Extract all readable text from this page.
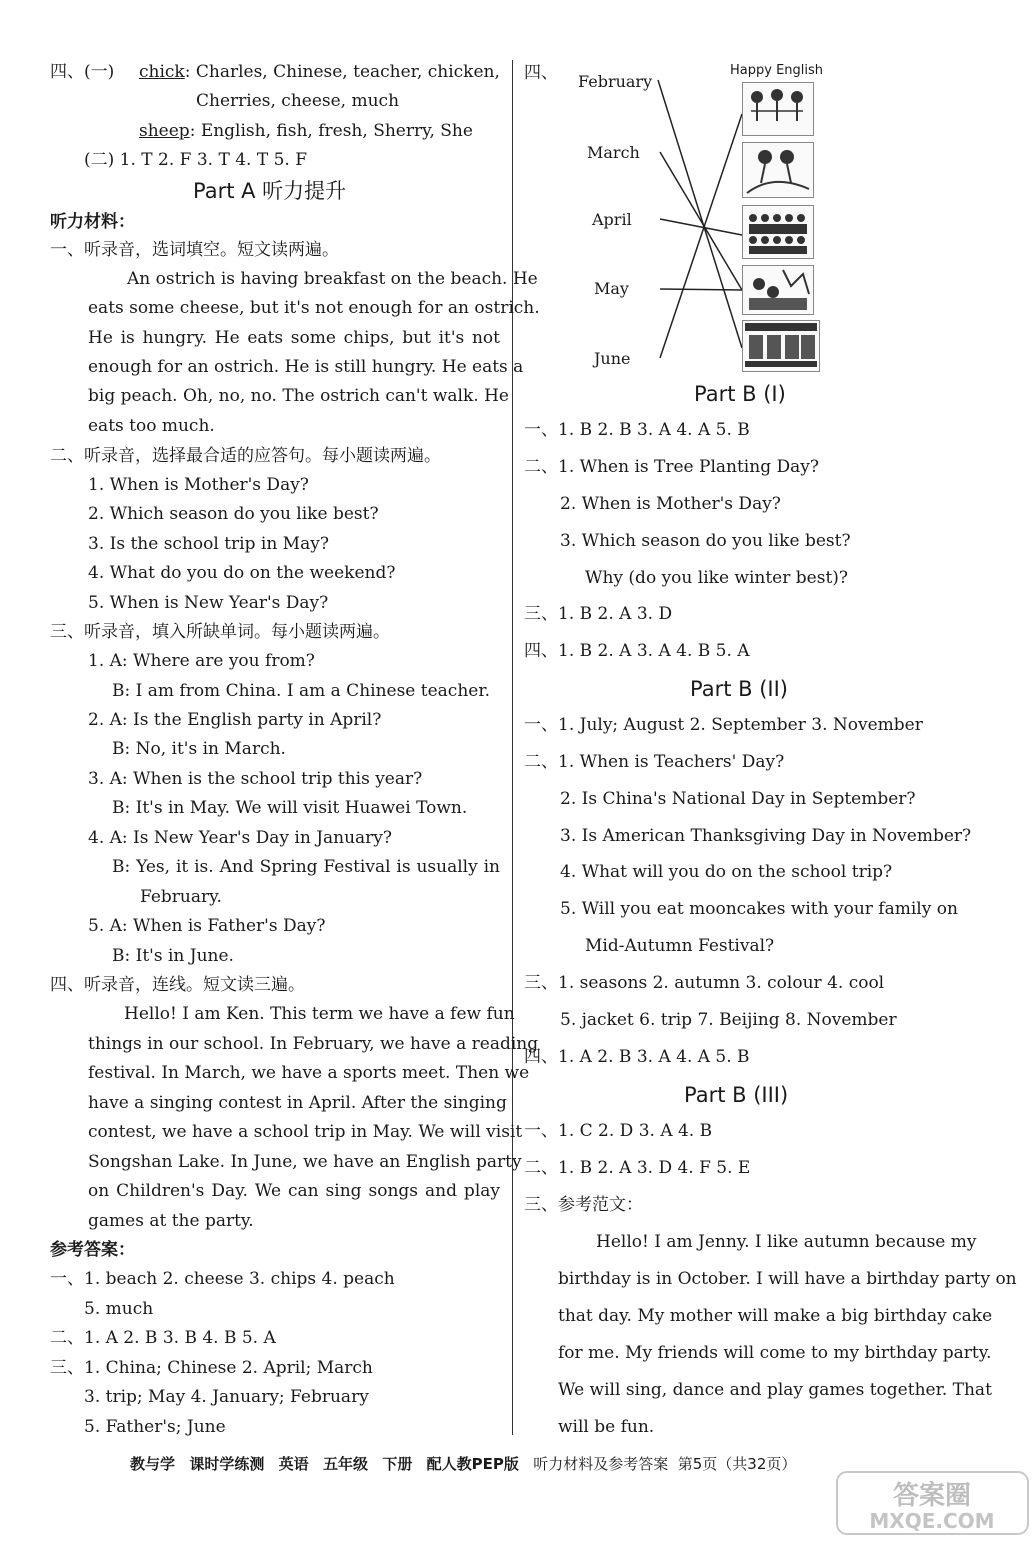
四、(一) chick: Charles, Chinese, teacher, chicken,
Cherries, cheese, much
sheep: English, fish, fresh, Sherry, She
(二) 1. T 2. F 3. T 4. T 5. F
Part A 听力提升
听力材料：
一、听录音，选词填空。短文读两遍。
An ostrich is having breakfast on the beach. He
eats some cheese, but it's not enough for an ostrich.
He is hungry. He eats some chips, but it's not
enough for an ostrich. He is still hungry. He eats a
big peach. Oh, no, no. The ostrich can't walk. He
eats too much.
二、听录音，选择最合适的应答句。每小题读两遍。
1. When is Mother's Day?
2. Which season do you like best?
3. Is the school trip in May?
4. What do you do on the weekend?
5. When is New Year's Day?
三、听录音，填入所缺单词。每小题读两遍。
1. A: Where are you from?
B: I am from China. I am a Chinese teacher.
2. A: Is the English party in April?
B: No, it's in March.
3. A: When is the school trip this year?
B: It's in May. We will visit Huawei Town.
4. A: Is New Year's Day in January?
B: Yes, it is. And Spring Festival is usually in
February.
5. A: When is Father's Day?
B: It's in June.
四、听录音，连线。短文读三遍。
Hello! I am Ken. This term we have a few fun
things in our school. In February, we have a reading
festival. In March, we have a sports meet. Then we
have a singing contest in April. After the singing
contest, we have a school trip in May. We will visit
Songshan Lake. In June, we have an English party
on Children's Day. We can sing songs and play
games at the party.
参考答案：
一、1. beach 2. cheese 3. chips 4. peach
5. much
二、1. A 2. B 3. B 4. B 5. A
三、1. China; Chinese 2. April; March
3. trip; May 4. January; February
5. Father's; June
四、 February
March
April
May
June
Happy English
Part B (I)
一、1. B 2. B 3. A 4. A 5. B
二、1. When is Tree Planting Day?
2. When is Mother's Day?
3. Which season do you like best?
Why (do you like winter best)?
三、1. B 2. A 3. D
四、1. B 2. A 3. A 4. B 5. A
Part B (II)
一、1. July; August 2. September 3. November
二、1. When is Teachers' Day?
2. Is China's National Day in September?
3. Is American Thanksgiving Day in November?
4. What will you do on the school trip?
5. Will you eat mooncakes with your family on
Mid-Autumn Festival?
三、1. seasons 2. autumn 3. colour 4. cool
5. jacket 6. trip 7. Beijing 8. November
四、1. A 2. B 3. A 4. A 5. B
Part B (III)
一、1. C 2. D 3. A 4. B
二、1. B 2. A 3. D 4. F 5. E
三、参考范文：
Hello! I am Jenny. I like autumn because my
birthday is in October. I will have a birthday party on
that day. My mother will make a big birthday cake
for me. My friends will come to my birthday party.
We will sing, dance and play games together. That
will be fun.
教与学 课时学练测 英语 五年级 下册 配人教PEP版 听力材料及参考答案 第5页（共32页）
答案圈
MXQE.COM
